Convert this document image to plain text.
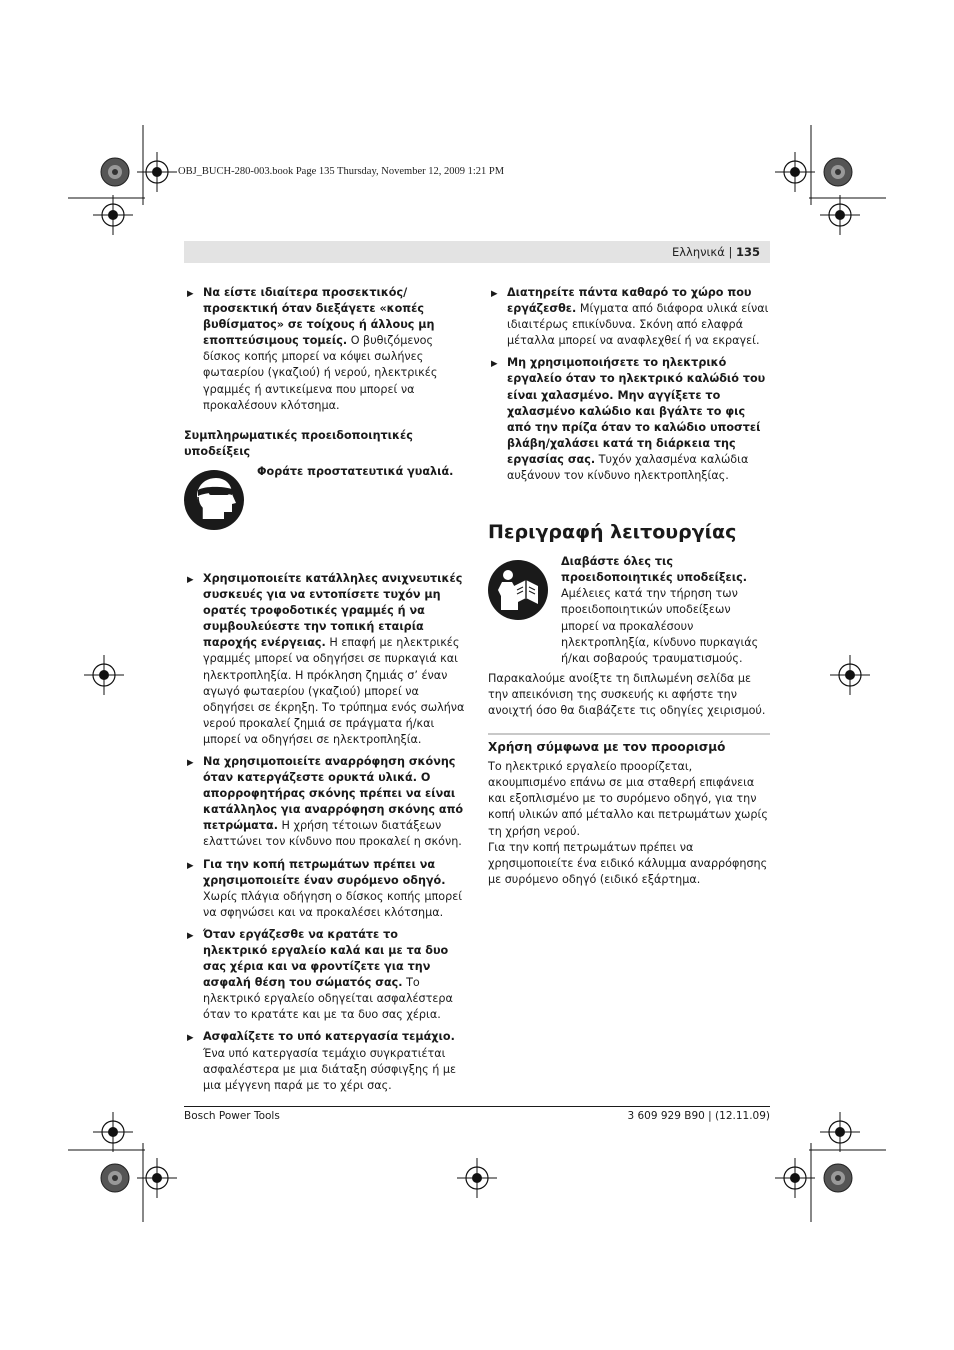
OBJ_BUCH-280-003.book Page 135 Thursday, November 12, 2009 1:21 PM
Ελληνικά | 135
▶ Να είστε ιδιαίτερα προσεκτικός/προσεκτική όταν διεξάγετε «κοπές βυθίσματος» σε τοίχους ή άλλους μη εποπτεύσιμους τομείς. Ο βυθιζόμενος δίσκος κοπής μπορεί να κόψει σωλήνες φωταερίου (γκαζιού) ή νερού, ηλεκτρικές γραμμές ή αντικείμενα που μπορεί να προκαλέσουν κλότσημα.
Συμπληρωματικές προειδοποιητικές υποδείξεις
Φοράτε προστατευτικά γυαλιά.
▶ Χρησιμοποιείτε κατάλληλες ανιχνευτικές συσκευές για να εντοπίσετε τυχόν μη ορατές τροφοδοτικές γραμμές ή να συμβουλεύεστε την τοπική εταιρία παροχής ενέργειας. Η επαφή με ηλεκτρικές γραμμές μπορεί να οδηγήσει σε πυρκαγιά και ηλεκτροπληξία. Η πρόκληση ζημιάς σ’ έναν αγωγό φωταερίου (γκαζιού) μπορεί να οδηγήσει σε έκρηξη. Το τρύπημα ενός σωλήνα νερού προκαλεί ζημιά σε πράγματα ή/και μπορεί να οδηγήσει σε ηλεκτροπληξία.
▶ Να χρησιμοποιείτε αναρρόφηση σκόνης όταν κατεργάζεστε ορυκτά υλικά. Ο απορροφητήρας σκόνης πρέπει να είναι κατάλληλος για αναρρόφηση σκόνης από πετρώματα. Η χρήση τέτοιων διατάξεων ελαττώνει τον κίνδυνο που προκαλεί η σκόνη.
▶ Για την κοπή πετρωμάτων πρέπει να χρησιμοποιείτε έναν συρόμενο οδηγό. Χωρίς πλάγια οδήγηση ο δίσκος κοπής μπορεί να σφηνώσει και να προκαλέσει κλότσημα.
▶ Όταν εργάζεσθε να κρατάτε το ηλεκτρικό εργαλείο καλά και με τα δυο σας χέρια και να φροντίζετε για την ασφαλή θέση του σώματός σας. Το ηλεκτρικό εργαλείο οδηγείται ασφαλέστερα όταν το κρατάτε και με τα δυο σας χέρια.
▶ Ασφαλίζετε το υπό κατεργασία τεμάχιο. Ένα υπό κατεργασία τεμάχιο συγκρατιέται ασφαλέστερα με μια διάταξη σύσφιγξης ή με μια μέγγενη παρά με το χέρι σας.
▶ Διατηρείτε πάντα καθαρό το χώρο που εργάζεσθε. Μίγματα από διάφορα υλικά είναι ιδιαιτέρως επικίνδυνα. Σκόνη από ελαφρά μέταλλα μπορεί να αναφλεχθεί ή να εκραγεί.
▶ Μη χρησιμοποιήσετε το ηλεκτρικό εργαλείο όταν το ηλεκτρικό καλώδιό του είναι χαλασμένο. Μην αγγίξετε το χαλασμένο καλώδιο και βγάλτε το φις από την πρίζα όταν το καλώδιο υποστεί βλάβη/χαλάσει κατά τη διάρκεια της εργασίας σας. Τυχόν χαλασμένα καλώδια αυξάνουν τον κίνδυνο ηλεκτροπληξίας.
Περιγραφή λειτουργίας
Διαβάστε όλες τις προειδοποιητικές υποδείξεις. Αμέλειες κατά την τήρηση των προειδοποιητικών υποδείξεων μπορεί να προκαλέσουν ηλεκτροπληξία, κίνδυνο πυρκαγιάς ή/και σοβαρούς τραυματισμούς.

Παρακαλούμε ανοίξτε τη διπλωμένη σελίδα με την απεικόνιση της συσκευής κι αφήστε την ανοιχτή όσο θα διαβάζετε τις οδηγίες χειρισμού.

Χρήση σύμφωνα με τον προορισμό

Το ηλεκτρικό εργαλείο προορίζεται, ακουμπισμένο επάνω σε μια σταθερή επιφάνεια και εξοπλισμένο με το συρόμενο οδηγό, για την κοπή υλικών από μέταλλο και πετρωμάτων χωρίς τη χρήση νερού.

Για την κοπή πετρωμάτων πρέπει να χρησιμοποιείτε ένα ειδικό κάλυμμα αναρρόφησης με συρόμενο οδηγό (ειδικό εξάρτημα.

Bosch Power Tools	3 609 929 B90 | (12.11.09)
